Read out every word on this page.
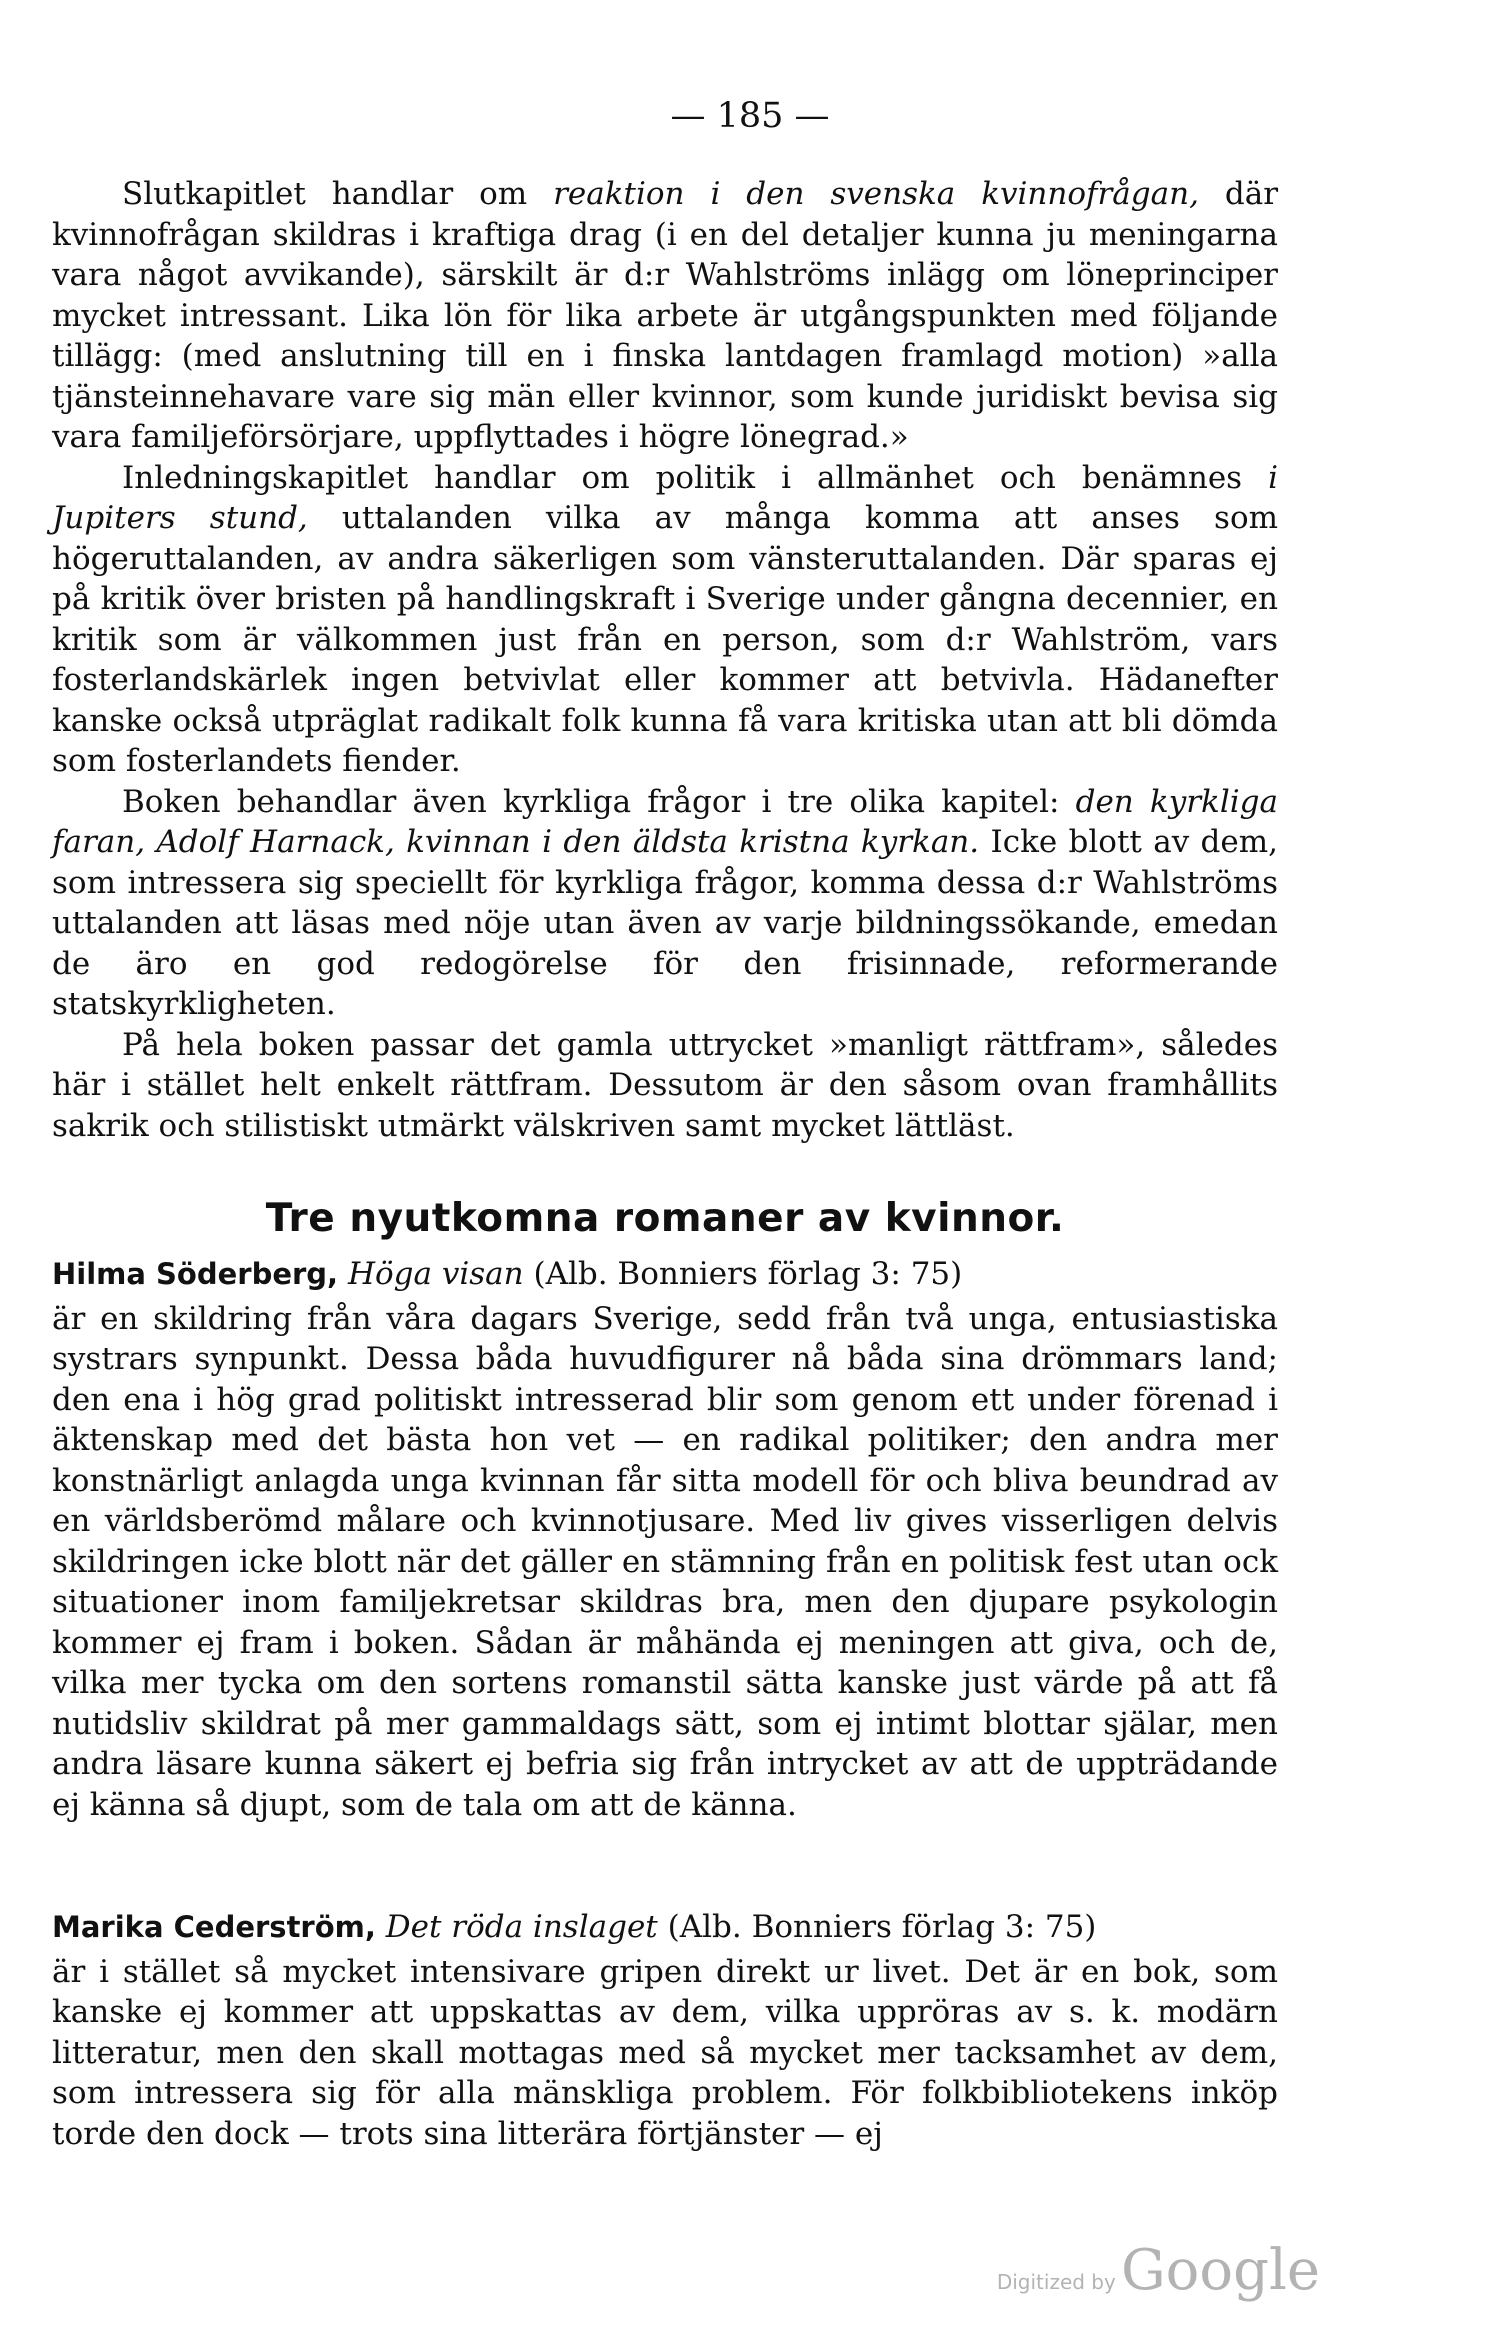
— 185 —

Slutkapitlet handlar om reaktion i den svenska kvinnofrågan, där kvinnofrågan skildras i kraftiga drag (i en del detaljer kunna ju meningarna vara något avvikande), särskilt är d:r Wahlströms inlägg om löneprinciper mycket intressant. Lika lön för lika arbete är utgångspunkten med följande tillägg: (med anslutning till en i finska lantdagen framlagd motion) »alla tjänsteinnehavare vare sig män eller kvinnor, som kunde juridiskt bevisa sig vara familjeförsörjare, uppflyttades i högre lönegrad.»

Inledningskapitlet handlar om politik i allmänhet och benämnes i Jupiters stund, uttalanden vilka av många komma att anses som högeruttalanden, av andra säkerligen som vänsteruttalanden. Där sparas ej på kritik över bristen på handlingskraft i Sverige under gångna decennier, en kritik som är välkommen just från en person, som d:r Wahlström, vars fosterlandskärlek ingen betvivlat eller kommer att betvivla. Hädanefter kanske också utpräglat radikalt folk kunna få vara kritiska utan att bli dömda som fosterlandets fiender.

Boken behandlar även kyrkliga frågor i tre olika kapitel: den kyrkliga faran, Adolf Harnack, kvinnan i den äldsta kristna kyrkan. Icke blott av dem, som intressera sig speciellt för kyrkliga frågor, komma dessa d:r Wahlströms uttalanden att läsas med nöje utan även av varje bildningssökande, emedan de äro en god redogörelse för den frisinnade, reformerande statskyrkligheten.

På hela boken passar det gamla uttrycket »manligt rättfram», således här i stället helt enkelt rättfram. Dessutom är den såsom ovan framhållits sakrik och stilistiskt utmärkt välskriven samt mycket lättläst.

Tre nyutkomna romaner av kvinnor.

Hilma Söderberg, Höga visan (Alb. Bonniers förlag 3: 75)

är en skildring från våra dagars Sverige, sedd från två unga, entusiastiska systrars synpunkt. Dessa båda huvudfigurer nå båda sina drömmars land; den ena i hög grad politiskt intresserad blir som genom ett under förenad i äktenskap med det bästa hon vet — en radikal politiker; den andra mer konstnärligt anlagda unga kvinnan får sitta modell för och bliva beundrad av en världsberömd målare och kvinnotjusare. Med liv gives visserligen delvis skildringen icke blott när det gäller en stämning från en politisk fest utan ock situationer inom familjekretsar skildras bra, men den djupare psykologin kommer ej fram i boken. Sådan är måhända ej meningen att giva, och de, vilka mer tycka om den sortens romanstil sätta kanske just värde på att få nutidsliv skildrat på mer gammaldags sätt, som ej intimt blottar själar, men andra läsare kunna säkert ej befria sig från intrycket av att de uppträdande ej känna så djupt, som de tala om att de känna.

Marika Cederström, Det röda inslaget (Alb. Bonniers förlag 3: 75)

är i stället så mycket intensivare gripen direkt ur livet. Det är en bok, som kanske ej kommer att uppskattas av dem, vilka uppröras av s. k. modärn litteratur, men den skall mottagas med så mycket mer tacksamhet av dem, som intressera sig för alla mänskliga problem. För folkbibliotekens inköp torde den dock — trots sina litterära förtjänster — ej

Digitized by Google
